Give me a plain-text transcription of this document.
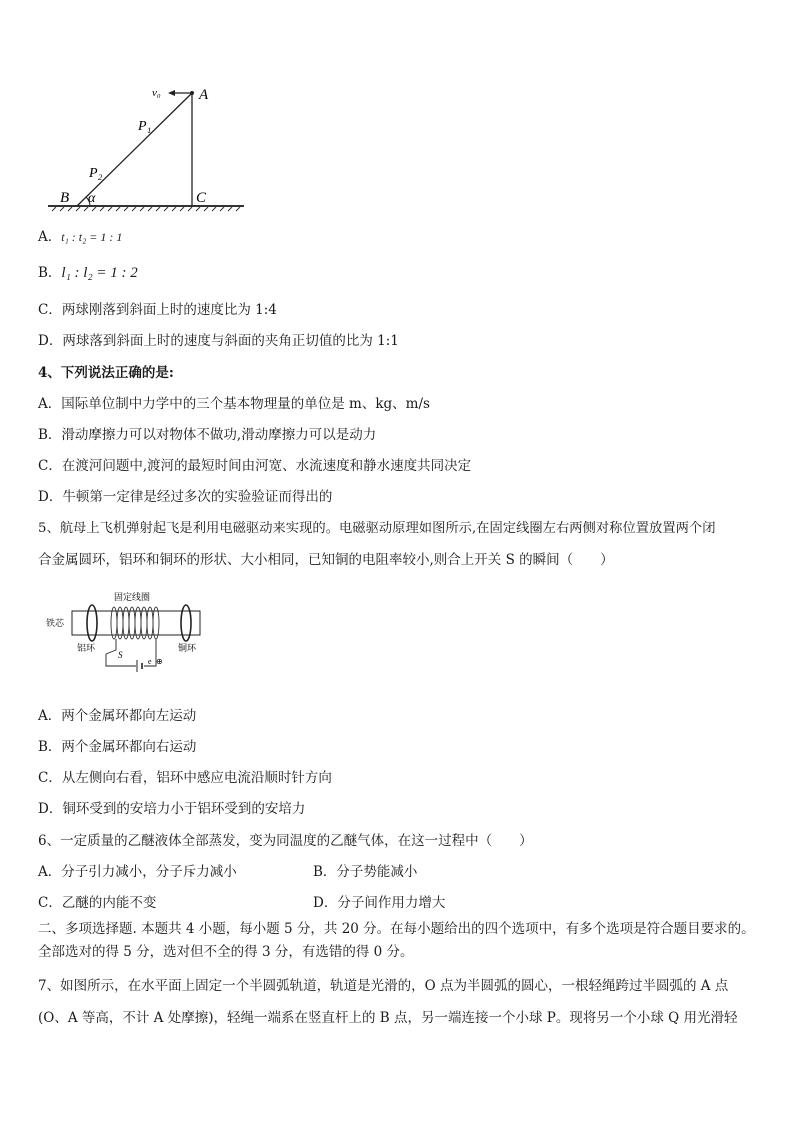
v₀	A
P₁
P₂
B α	C
A．t₁ : t₂ = 1 : 1
B．l₁ : l₂ = 1 : 2
C．两球刚落到斜面上时的速度比为 1:4
D．两球落到斜面上时的速度与斜面的夹角正切值的比为 1:1
4、下列说法正确的是:
A．国际单位制中力学中的三个基本物理量的单位是 m、kg、m/s
B．滑动摩擦力可以对物体不做功,滑动摩擦力可以是动力
C．在渡河问题中,渡河的最短时间由河宽、水流速度和静水速度共同决定
D．牛顿第一定律是经过多次的实验验证而得出的
5、航母上飞机弹射起飞是利用电磁驱动来实现的。电磁驱动原理如图所示,在固定线圈左右两侧对称位置放置两个闭
合金属圆环，铝环和铜环的形状、大小相同，已知铜的电阻率较小,则合上开关 S 的瞬间（　　）
固定线圈
铁芯
铝环	铜环
S
e ⊕
A．两个金属环都向左运动
B．两个金属环都向右运动
C．从左侧向右看，铝环中感应电流沿顺时针方向
D．铜环受到的安培力小于铝环受到的安培力
6、一定质量的乙醚液体全部蒸发，变为同温度的乙醚气体，在这一过程中（　　）
A．分子引力减小，分子斥力减小	B．分子势能减小
C．乙醚的内能不变	D．分子间作用力增大
二、多项选择题. 本题共 4 小题，每小题 5 分，共 20 分。在每小题给出的四个选项中，有多个选项是符合题目要求的。全部选对的得 5 分，选对但不全的得 3 分，有选错的得 0 分。
7、如图所示，在水平面上固定一个半圆弧轨道，轨道是光滑的，O 点为半圆弧的圆心，一根轻绳跨过半圆弧的 A 点
(O、A 等高，不计 A 处摩擦)，轻绳一端系在竖直杆上的 B 点，另一端连接一个小球 P。现将另一个小球 Q 用光滑轻
